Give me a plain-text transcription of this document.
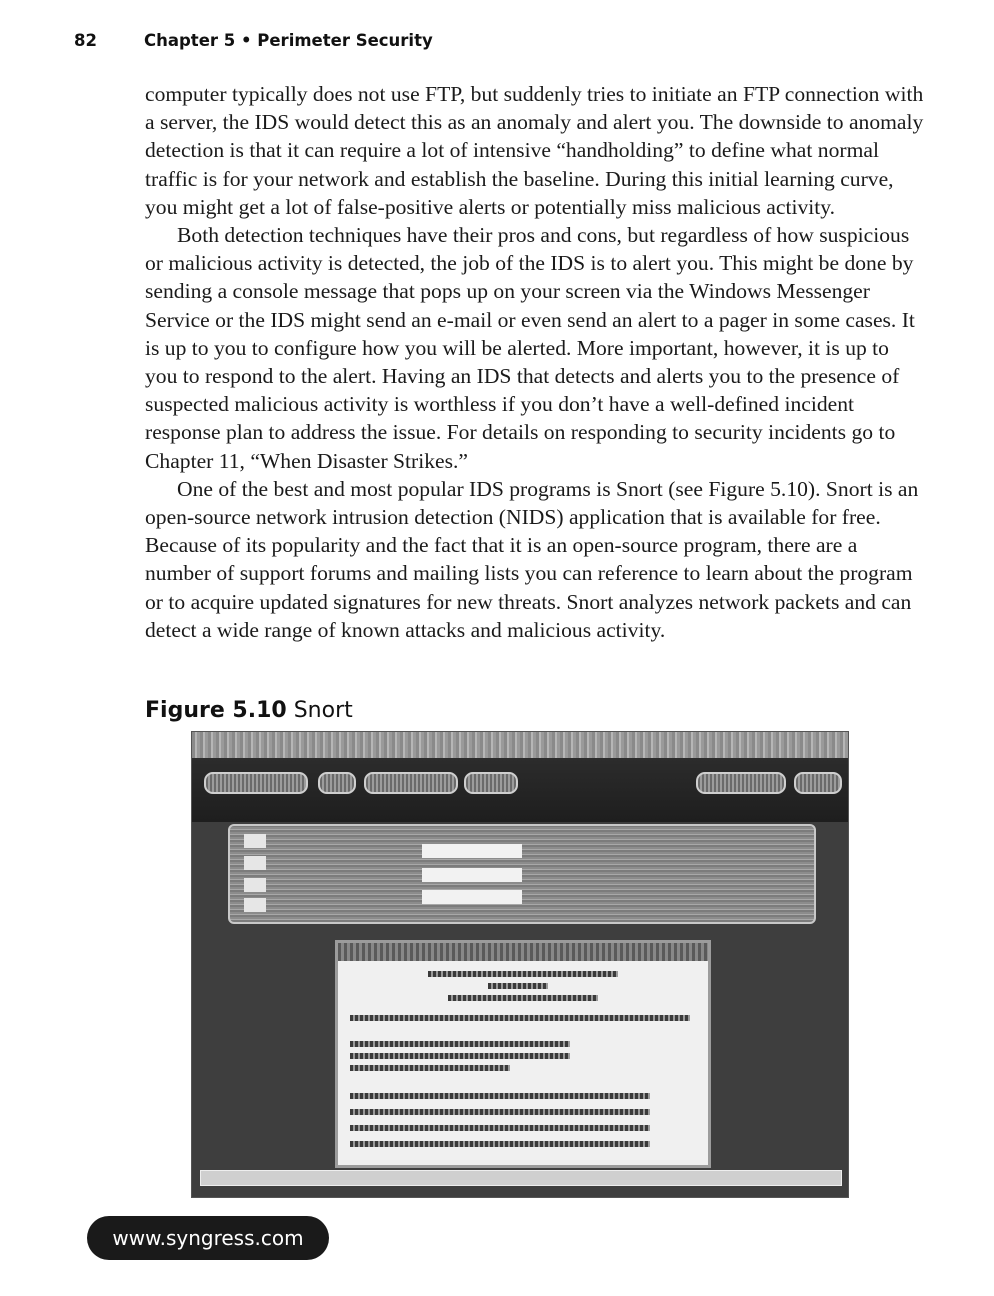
82	Chapter 5 • Perimeter Security

computer typically does not use FTP, but suddenly tries to initiate an FTP connection with a server, the IDS would detect this as an anomaly and alert you. The downside to anomaly detection is that it can require a lot of intensive “handholding” to define what normal traffic is for your network and establish the baseline. During this initial learning curve, you might get a lot of false-positive alerts or potentially miss malicious activity.

Both detection techniques have their pros and cons, but regardless of how suspicious or malicious activity is detected, the job of the IDS is to alert you. This might be done by sending a console message that pops up on your screen via the Windows Messenger Service or the IDS might send an e-mail or even send an alert to a pager in some cases. It is up to you to configure how you will be alerted. More important, however, it is up to you to respond to the alert. Having an IDS that detects and alerts you to the presence of suspected malicious activity is worthless if you don’t have a well-defined incident response plan to address the issue. For details on responding to security incidents go to Chapter 11, “When Disaster Strikes.”

One of the best and most popular IDS programs is Snort (see Figure 5.10). Snort is an open-source network intrusion detection (NIDS) application that is available for free. Because of its popularity and the fact that it is an open-source program, there are a number of support forums and mailing lists you can reference to learn about the program or to acquire updated signatures for new threats. Snort analyzes network packets and can detect a wide range of known attacks and malicious activity.

Figure 5.10 Snort
www.syngress.com
